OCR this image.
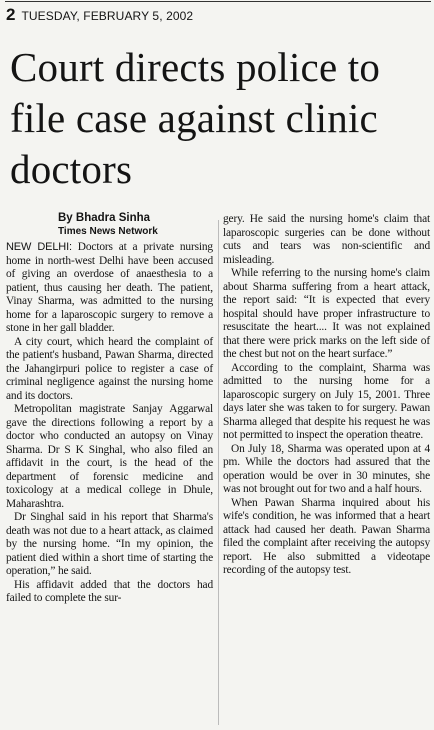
2 TUESDAY, FEBRUARY 5, 2002
Court directs police to file case against clinic doctors
By Bhadra Sinha
Times News Network

NEW DELHI: Doctors at a private nursing home in north-west Delhi have been accused of giving an overdose of anaesthesia to a patient, thus causing her death. The patient, Vinay Sharma, was admitted to the nursing home for a laparoscopic surgery to remove a stone in her gall bladder.

A city court, which heard the complaint of the patient's husband, Pawan Sharma, directed the Jahangirpuri police to register a case of criminal negligence against the nursing home and its doctors.

Metropolitan magistrate Sanjay Aggarwal gave the directions following a report by a doctor who conducted an autopsy on Vinay Sharma. Dr S K Singhal, who also filed an affidavit in the court, is the head of the department of forensic medicine and toxicology at a medical college in Dhule, Maharashtra.

Dr Singhal said in his report that Sharma's death was not due to a heart attack, as claimed by the nursing home. “In my opinion, the patient died within a short time of starting the operation,” he said.

His affidavit added that the doctors had failed to complete the sur-

gery. He said the nursing home's claim that laparoscopic surgeries can be done without cuts and tears was non-scientific and misleading.

While referring to the nursing home's claim about Sharma suffering from a heart attack, the report said: “It is expected that every hospital should have proper infrastructure to resuscitate the heart.... It was not explained that there were prick marks on the left side of the chest but not on the heart surface.”

According to the complaint, Sharma was admitted to the nursing home for a laparoscopic surgery on July 15, 2001. Three days later she was taken to for surgery. Pawan Sharma alleged that despite his request he was not permitted to inspect the operation theatre.

On July 18, Sharma was operated upon at 4 pm. While the doctors had assured that the operation would be over in 30 minutes, she was not brought out for two and a half hours.

When Pawan Sharma inquired about his wife's condition, he was informed that a heart attack had caused her death. Pawan Sharma filed the complaint after receiving the autopsy report. He also submitted a videotape recording of the autopsy test.
